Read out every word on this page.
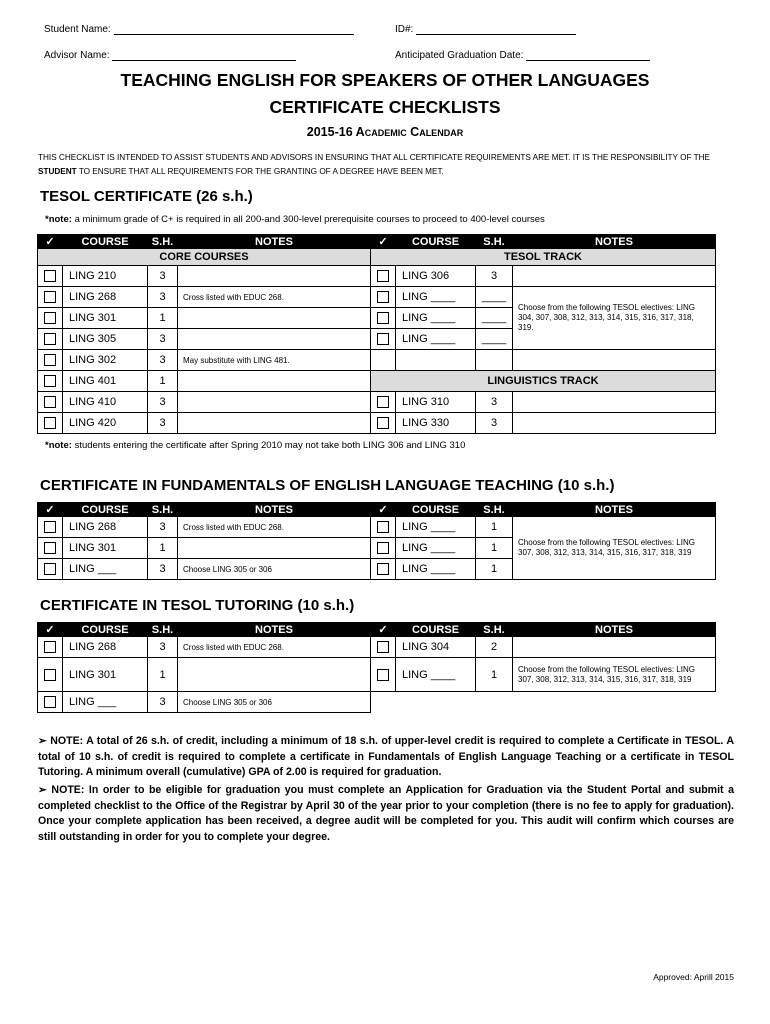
Student Name:	ID#:
Advisor Name:	Anticipated Graduation Date:
TEACHING ENGLISH FOR SPEAKERS OF OTHER LANGUAGES
CERTIFICATE CHECKLISTS
2015-16 Academic Calendar
THIS CHECKLIST IS INTENDED TO ASSIST STUDENTS AND ADVISORS IN ENSURING THAT ALL CERTIFICATE REQUIREMENTS ARE MET. IT IS THE RESPONSIBILITY OF THE STUDENT TO ENSURE THAT ALL REQUIREMENTS FOR THE GRANTING OF A DEGREE HAVE BEEN MET.
TESOL CERTIFICATE (26 s.h.)
*note: a minimum grade of C+ is required in all 200-and 300-level prerequisite courses to proceed to 400-level courses
✓	COURSE	S.H.	NOTES	✓	COURSE	S.H.	NOTES
CORE COURSES				TESOL TRACK			
	LING 210	3			LING 306	3	
	LING 268	3	Cross listed with EDUC 268.		LING ____	____	Choose from the following TESOL electives: LING 304, 307, 308, 312, 313, 314, 315, 316, 317, 318, 319.
	LING 301	1			LING ____	____	
	LING 305	3			LING ____	____	
	LING 302	3	May substitute with LING 481.				
	LING 401	1		LINGUISTICS TRACK			
	LING 410	3			LING 310	3	
	LING 420	3			LING 330	3	
*note: students entering the certificate after Spring 2010 may not take both LING 306 and LING 310
CERTIFICATE IN FUNDAMENTALS OF ENGLISH LANGUAGE TEACHING (10 s.h.)
✓	COURSE	S.H.	NOTES	✓	COURSE	S.H.	NOTES
	LING 268	3	Cross listed with EDUC 268.		LING ____	1	Choose from the following TESOL electives: LING 307, 308, 312, 313, 314, 315, 316, 317, 318, 319
	LING 301	1			LING ____	1	
	LING ___	3	Choose LING 305 or 306		LING ____	1	
CERTIFICATE IN TESOL TUTORING (10 s.h.)
✓	COURSE	S.H.	NOTES	✓	COURSE	S.H.	NOTES
	LING 268	3	Cross listed with EDUC 268.		LING 304	2	
	LING 301	1			LING ____	1	Choose from the following TESOL electives: LING 307, 308, 312, 313, 314, 315, 316, 317, 318, 319
	LING ___	3	Choose LING 305 or 306				
➢ NOTE: A total of 26 s.h. of credit, including a minimum of 18 s.h. of upper-level credit is required to complete a Certificate in TESOL. A total of 10 s.h. of credit is required to complete a certificate in Fundamentals of English Language Teaching or a certificate in TESOL Tutoring. A minimum overall (cumulative) GPA of 2.00 is required for graduation.
➢ NOTE: In order to be eligible for graduation you must complete an Application for Graduation via the Student Portal and submit a completed checklist to the Office of the Registrar by April 30 of the year prior to your completion (there is no fee to apply for graduation). Once your complete application has been received, a degree audit will be completed for you. This audit will confirm which courses are still outstanding in order for you to complete your degree.
Approved: Aprill 2015
